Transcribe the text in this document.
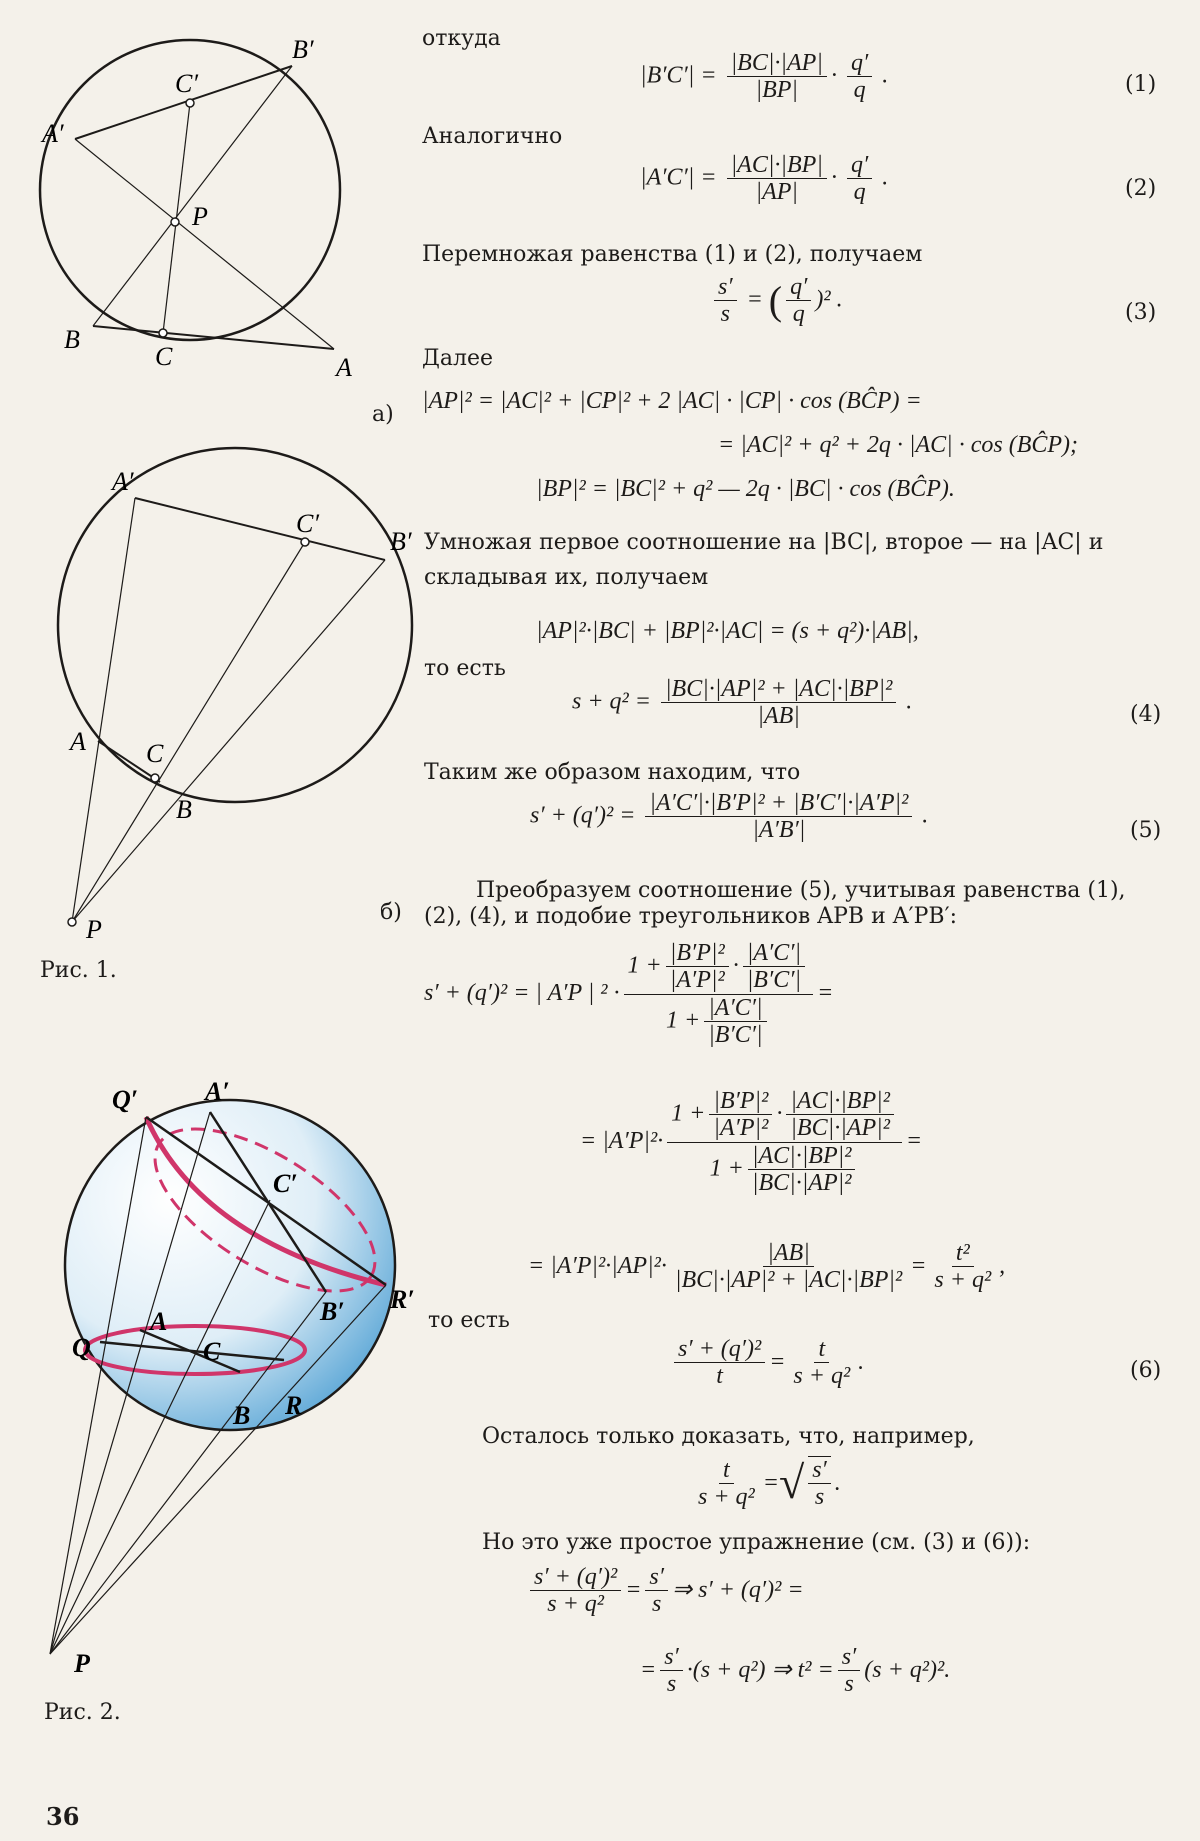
B′
C′
A′
P
B
C	A
A′
C′
B′
A C
B
P
а)
б)
Рис. 1.
Q′	A′
C′
B′ R′
Q
A
C
B R
P
Рис. 2.
36
откуда
$|B'C'| = \frac{|BC|\cdot|AP|}{|BP|} \cdot \frac{q'}{q}$ .	(1)
Аналогично
$|A'C'| = \frac{|AC|\cdot|BP|}{|AP|} \cdot \frac{q'}{q}$ .	(2)
Перемножая равенства (1) и (2), получаем
$\frac{s'}{s}$ = ( $\frac{q'}{q} )^2$ .
(3)
Далее
|AP|² = |AC|² + |CP|² + 2 |AC| · |CP| · cos (BĈP) =
= |AC|² + q² + 2q · |AC| · cos (BĈP);
|BP|² = |BC|² + q² — 2q · |BC| · cos (BĈP).
Умножая первое соотношение на |BC|, второе — на |AC| и
складывая их, получаем
|AP|²·|BC| + |BP|²·|AC| = (s + q²)·|AB|,
то есть
$s + q^2 = \frac{\text{|BC|·|AP|² + |AC|·|BP|²}}{|AB|}$ .
(4)
Таким же образом находим, что
$s' + (q')^2 = \frac{\text{|A′C′|·|B′P|² + |B′C′|·|A′P|²}}{|A'B'|}$ .
(5)
Преобразуем соотношение (5), учитывая равенства (1),
(2), (4), и подобие треугольников APB и A′PB′:
s′ + (q′)² = | A′P | $^2 \cdot \frac{1 + \frac{\text{|B′P|²}}{\text{|A′P|²}} \cdot \frac{|A'C'|}{|B'C'|}}{1 + \frac{|A'C'|}{|B'C'|}}$ =
= $|A'P|^2\cdot \frac{1 + \frac{\text{|B′P|²}}{\text{|A′P|²}} \cdot \frac{\text{|AC|·|BP|²}}{\text{|BC|·|AP|²}}}{1 + \frac{\text{|AC|·|BP|²}}{\text{|BC|·|AP|²}}}$ =
= $|A'P|^2\cdot|AP|^2\cdot \frac{|AB|}{\text{|BC|·|AP|² + |AC|·|BP|²}} = \frac{\text{t²}}{\text{s + q²}}$ ,
то есть
$\frac{\text{s′ + (q′)²}}{t} = \frac{t}{\text{s + q²}}$ .	(6)
Осталось только доказать, что, например,
$\frac{t}{\text{s + q²}}$ = √ $\frac{s'}{s}$ .
Но это уже простое упражнение (см. (3) и (6)):
$\frac{\text{s′ + (q′)²}}{\text{s + q²}} = \frac{s'}{s}$ ⇒ s′ + (q′)² =
= $\frac{s'}{s} \cdot(s + q^2)$ ⇒ $t^2 = \frac{s'}{s} (s + q^2)^2$.
